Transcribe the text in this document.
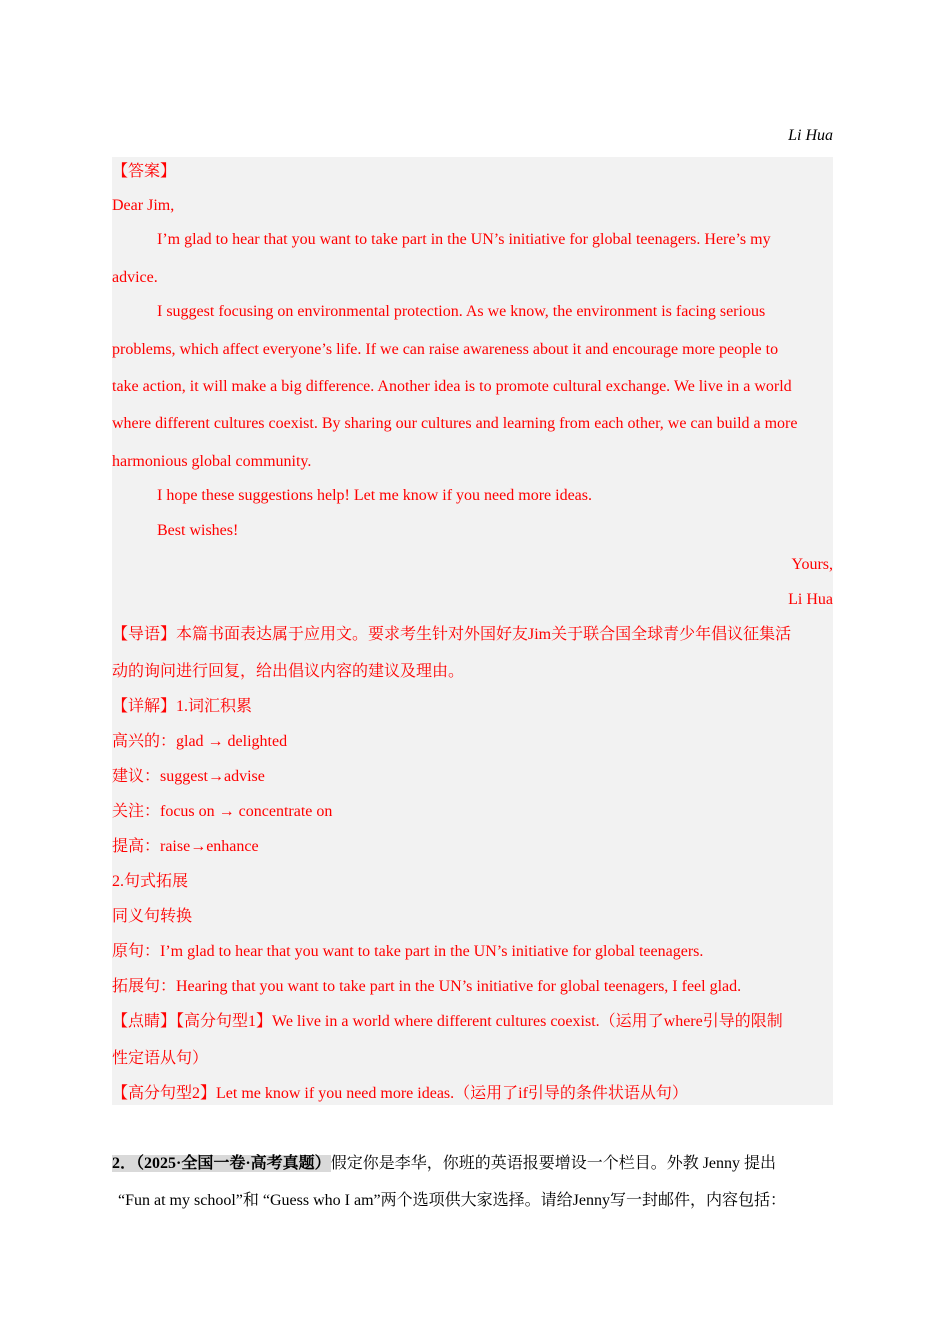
Li Hua
【答案】
Dear Jim,
I’m glad to hear that you want to take part in the UN’s initiative for global teenagers. Here’s my
advice.
I suggest focusing on environmental protection. As we know, the environment is facing serious
problems, which affect everyone’s life. If we can raise awareness about it and encourage more people to
take action, it will make a big difference. Another idea is to promote cultural exchange. We live in a world
where different cultures coexist. By sharing our cultures and learning from each other, we can build a more
harmonious global community.
I hope these suggestions help! Let me know if you need more ideas.
Best wishes!
Yours,
Li Hua
【导语】本篇书面表达属于应用文。要求考生针对外国好友Jim关于联合国全球青少年倡议征集活
动的询问进行回复，给出倡议内容的建议及理由。
【详解】1.词汇积累
高兴的：glad → delighted
建议：suggest→advise
关注：focus on → concentrate on
提高：raise→enhance
2.句式拓展
同义句转换
原句：I’m glad to hear that you want to take part in the UN’s initiative for global teenagers.
拓展句：Hearing that you want to take part in the UN’s initiative for global teenagers, I feel glad.
【点睛】【高分句型1】We live in a world where different cultures coexist.（运用了where引导的限制
性定语从句）
【高分句型2】Let me know if you need more ideas.（运用了if引导的条件状语从句）
2．（2025·全国一卷·高考真题）假定你是李华，你班的英语报要增设一个栏目。外教 Jenny 提出
“Fun at my school”和 “Guess who I am”两个选项供大家选择。请给Jenny写一封邮件，内容包括：
